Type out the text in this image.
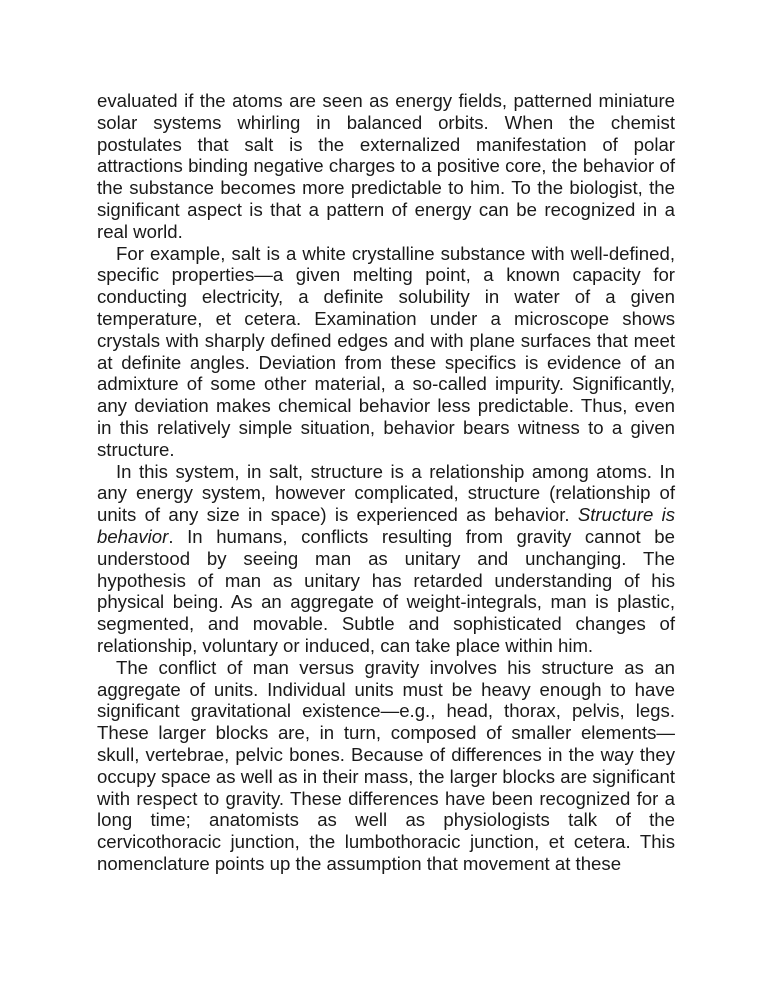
evaluated if the atoms are seen as energy fields, patterned miniature solar systems whirling in balanced orbits. When the chemist postulates that salt is the externalized manifestation of polar attractions binding negative charges to a positive core, the behavior of the substance becomes more predictable to him. To the biologist, the significant aspect is that a pattern of energy can be recognized in a real world.

For example, salt is a white crystalline substance with well-defined, specific properties—a given melting point, a known capacity for conducting electricity, a definite solubility in water of a given temperature, et cetera. Examination under a microscope shows crystals with sharply defined edges and with plane surfaces that meet at definite angles. Deviation from these specifics is evidence of an admixture of some other material, a so-called impurity. Significantly, any deviation makes chemical behavior less predictable. Thus, even in this relatively simple situation, behavior bears witness to a given structure.

In this system, in salt, structure is a relationship among atoms. In any energy system, however complicated, structure (relationship of units of any size in space) is experienced as behavior. Structure is behavior. In humans, conflicts resulting from gravity cannot be understood by seeing man as unitary and unchanging. The hypothesis of man as unitary has retarded understanding of his physical being. As an aggregate of weight-integrals, man is plastic, segmented, and movable. Subtle and sophisticated changes of relationship, voluntary or induced, can take place within him.

The conflict of man versus gravity involves his structure as an aggregate of units. Individual units must be heavy enough to have significant gravitational existence—e.g., head, thorax, pelvis, legs. These larger blocks are, in turn, composed of smaller elements—skull, vertebrae, pelvic bones. Because of differences in the way they occupy space as well as in their mass, the larger blocks are significant with respect to gravity. These differences have been recognized for a long time; anatomists as well as physiologists talk of the cervicothoracic junction, the lumbothoracic junction, et cetera. This nomenclature points up the assumption that movement at these
